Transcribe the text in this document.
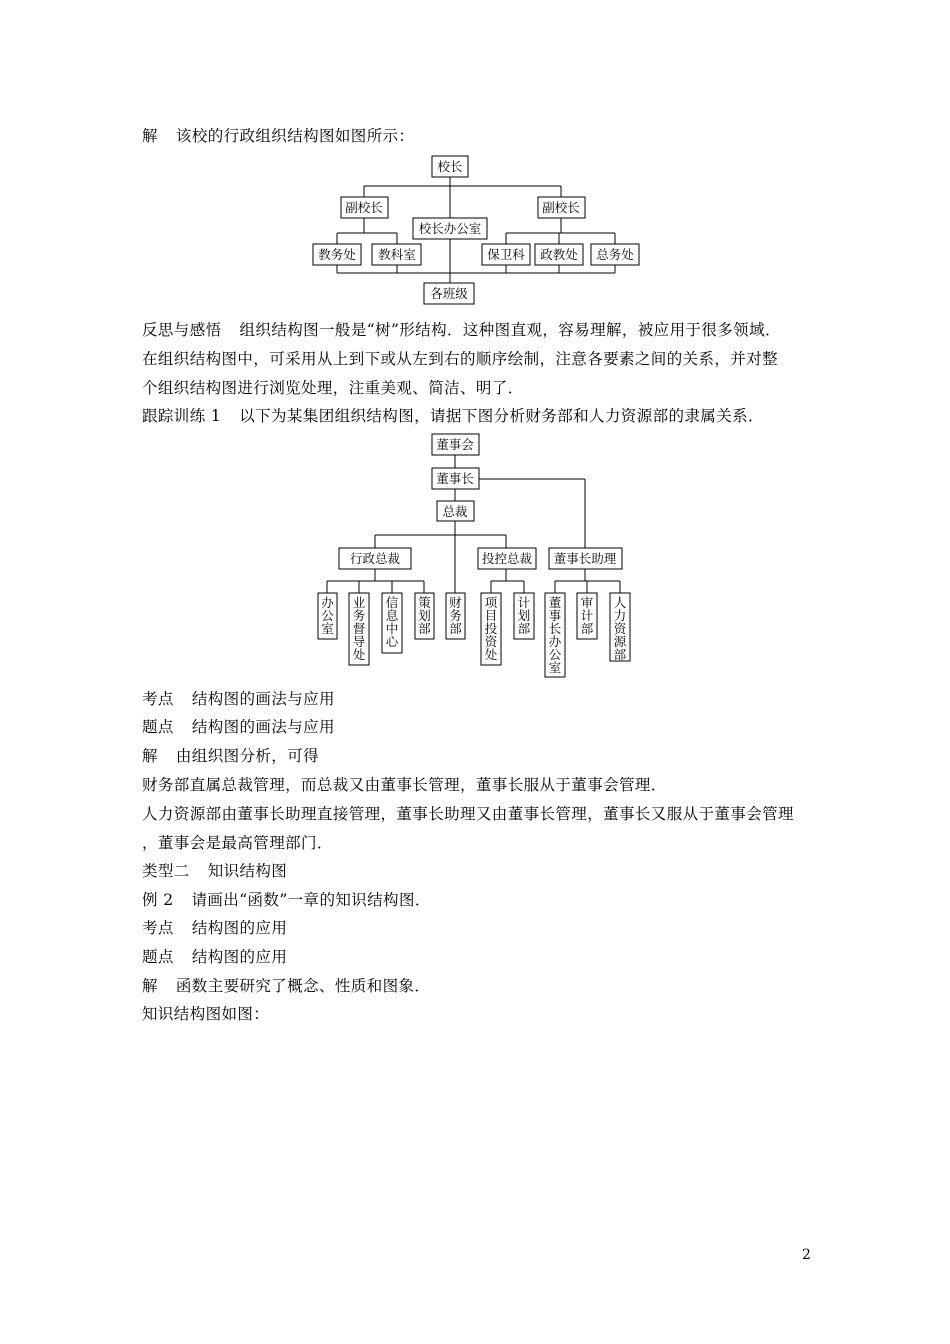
解 该校的行政组织结构图如图所示：
校长
副校长	副校长
校长办公室
教务处 教科室	保卫科 政教处 总务处
各班级
董事会
董事长
总裁
行政总裁	投控总裁 董事长助理
办公室
业务督导处
信息中心
策划部
财务部
项目投资处
计划部
董事长办公室
审计部
人力资源部
反思与感悟 组织结构图一般是“树”形结构．这种图直观，容易理解，被应用于很多领域．
在组织结构图中，可采用从上到下或从左到右的顺序绘制，注意各要素之间的关系，并对整
个组织结构图进行浏览处理，注重美观、简洁、明了．
跟踪训练 1 以下为某集团组织结构图，请据下图分析财务部和人力资源部的隶属关系．
考点 结构图的画法与应用
题点 结构图的画法与应用
解 由组织图分析，可得
财务部直属总裁管理，而总裁又由董事长管理，董事长服从于董事会管理．
人力资源部由董事长助理直接管理，董事长助理又由董事长管理，董事长又服从于董事会管理
，董事会是最高管理部门．
类型二 知识结构图
例 2 请画出“函数”一章的知识结构图．
考点 结构图的应用
题点 结构图的应用
解 函数主要研究了概念、性质和图象．
知识结构图如图：
2
